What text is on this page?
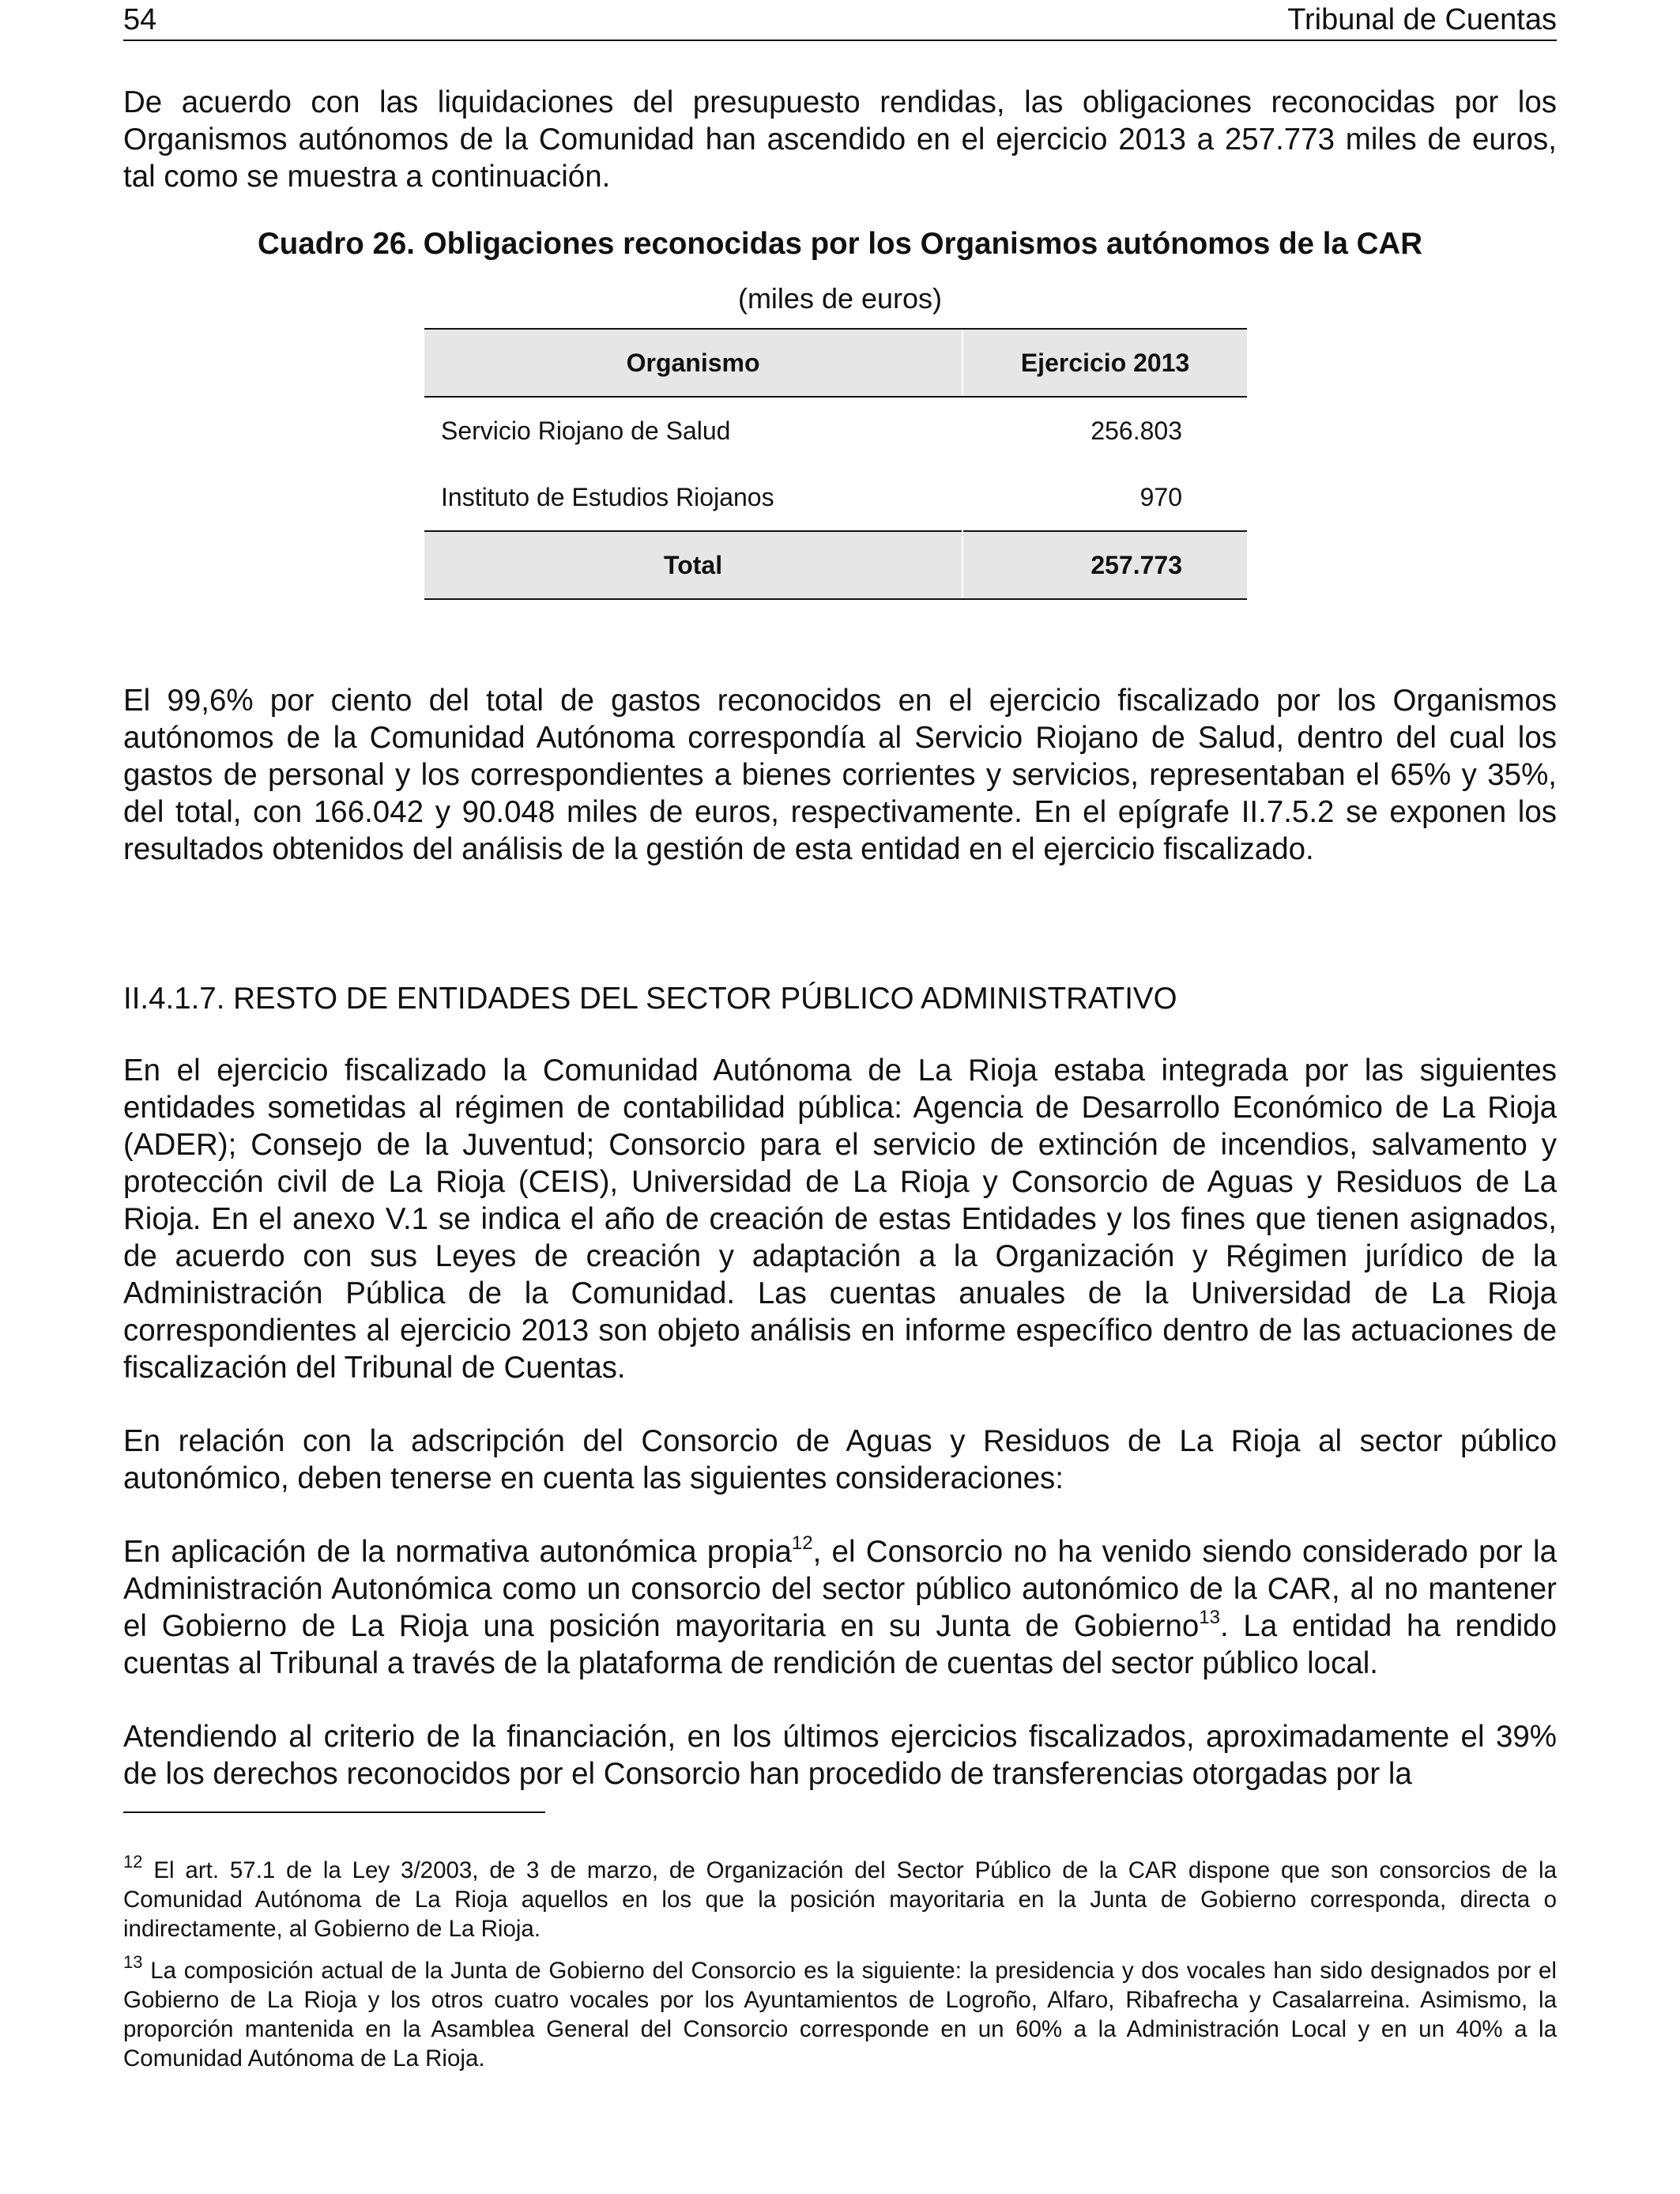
54	Tribunal de Cuentas

De acuerdo con las liquidaciones del presupuesto rendidas, las obligaciones reconocidas por los Organismos autónomos de la Comunidad han ascendido en el ejercicio 2013 a 257.773 miles de euros, tal como se muestra a continuación.

Cuadro 26. Obligaciones reconocidas por los Organismos autónomos de la CAR
(miles de euros)
Organismo	Ejercicio 2013
Servicio Riojano de Salud	256.803
Instituto de Estudios Riojanos	970
Total	257.773

El 99,6% por ciento del total de gastos reconocidos en el ejercicio fiscalizado por los Organismos autónomos de la Comunidad Autónoma correspondía al Servicio Riojano de Salud, dentro del cual los gastos de personal y los correspondientes a bienes corrientes y servicios, representaban el 65% y 35%, del total, con 166.042 y 90.048 miles de euros, respectivamente. En el epígrafe II.7.5.2 se exponen los resultados obtenidos del análisis de la gestión de esta entidad en el ejercicio fiscalizado.

II.4.1.7. RESTO DE ENTIDADES DEL SECTOR PÚBLICO ADMINISTRATIVO

En el ejercicio fiscalizado la Comunidad Autónoma de La Rioja estaba integrada por las siguientes entidades sometidas al régimen de contabilidad pública: Agencia de Desarrollo Económico de La Rioja (ADER); Consejo de la Juventud; Consorcio para el servicio de extinción de incendios, salvamento y protección civil de La Rioja (CEIS), Universidad de La Rioja y Consorcio de Aguas y Residuos de La Rioja. En el anexo V.1 se indica el año de creación de estas Entidades y los fines que tienen asignados, de acuerdo con sus Leyes de creación y adaptación a la Organización y Régimen jurídico de la Administración Pública de la Comunidad. Las cuentas anuales de la Universidad de La Rioja correspondientes al ejercicio 2013 son objeto análisis en informe específico dentro de las actuaciones de fiscalización del Tribunal de Cuentas.

En relación con la adscripción del Consorcio de Aguas y Residuos de La Rioja al sector público autonómico, deben tenerse en cuenta las siguientes consideraciones:

En aplicación de la normativa autonómica propia$^{12}$, el Consorcio no ha venido siendo considerado por la Administración Autonómica como un consorcio del sector público autonómico de la CAR, al no mantener el Gobierno de La Rioja una posición mayoritaria en su Junta de Gobierno$^{13}$. La entidad ha rendido cuentas al Tribunal a través de la plataforma de rendición de cuentas del sector público local.

Atendiendo al criterio de la financiación, en los últimos ejercicios fiscalizados, aproximadamente el 39% de los derechos reconocidos por el Consorcio han procedido de transferencias otorgadas por la

$^{12}$ El art. 57.1 de la Ley 3/2003, de 3 de marzo, de Organización del Sector Público de la CAR dispone que son consorcios de la Comunidad Autónoma de La Rioja aquellos en los que la posición mayoritaria en la Junta de Gobierno corresponda, directa o indirectamente, al Gobierno de La Rioja.

$^{13}$ La composición actual de la Junta de Gobierno del Consorcio es la siguiente: la presidencia y dos vocales han sido designados por el Gobierno de La Rioja y los otros cuatro vocales por los Ayuntamientos de Logroño, Alfaro, Ribafrecha y Casalarreina. Asimismo, la proporción mantenida en la Asamblea General del Consorcio corresponde en un 60% a la Administración Local y en un 40% a la Comunidad Autónoma de La Rioja.
